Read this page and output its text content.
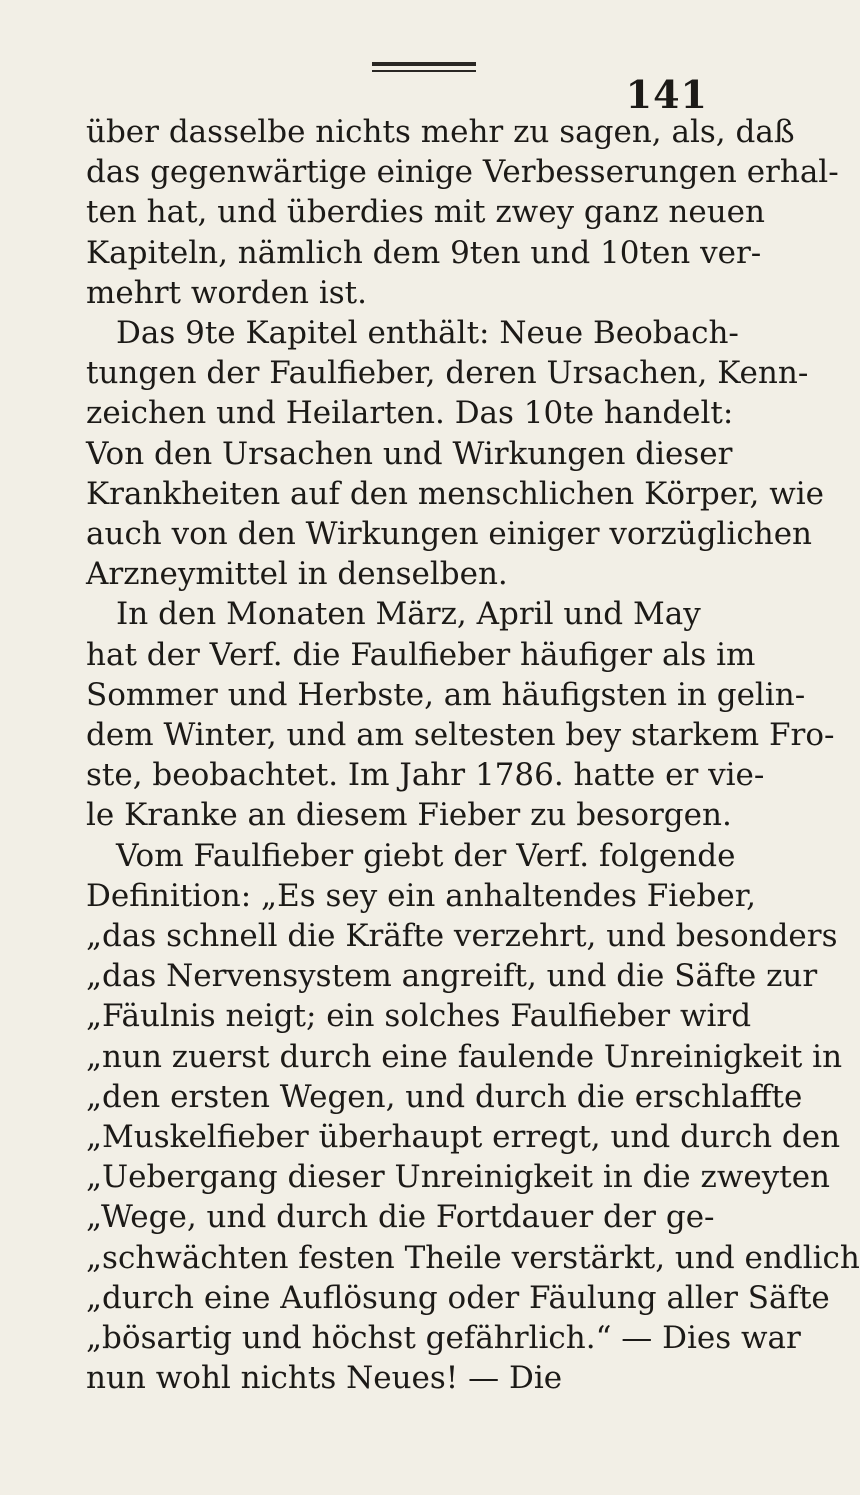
141
über dasselbe nichts mehr zu sagen, als, daß
das gegenwärtige einige Verbesserungen erhal-
ten hat, und überdies mit zwey ganz neuen
Kapiteln, nämlich dem 9ten und 10ten ver-
mehrt worden ist.
Das 9te Kapitel enthält: Neue Beobach-
tungen der Faulfieber, deren Ursachen, Kenn-
zeichen und Heilarten. Das 10te handelt:
Von den Ursachen und Wirkungen dieser
Krankheiten auf den menschlichen Körper, wie
auch von den Wirkungen einiger vorzüglichen
Arzneymittel in denselben.
In den Monaten März, April und May
hat der Verf. die Faulfieber häufiger als im
Sommer und Herbste, am häufigsten in gelin-
dem Winter, und am seltesten bey starkem Fro-
ste, beobachtet. Im Jahr 1786. hatte er vie-
le Kranke an diesem Fieber zu besorgen.
Vom Faulfieber giebt der Verf. folgende
Definition: „Es sey ein anhaltendes Fieber,
„das schnell die Kräfte verzehrt, und besonders
„das Nervensystem angreift, und die Säfte zur
„Fäulnis neigt; ein solches Faulfieber wird
„nun zuerst durch eine faulende Unreinigkeit in
„den ersten Wegen, und durch die erschlaffte
„Muskelfieber überhaupt erregt, und durch den
„Uebergang dieser Unreinigkeit in die zweyten
„Wege, und durch die Fortdauer der ge-
„schwächten festen Theile verstärkt, und endlich
„durch eine Auflösung oder Fäulung aller Säfte
„bösartig und höchst gefährlich.“ — Dies war
nun wohl nichts Neues! — Die
